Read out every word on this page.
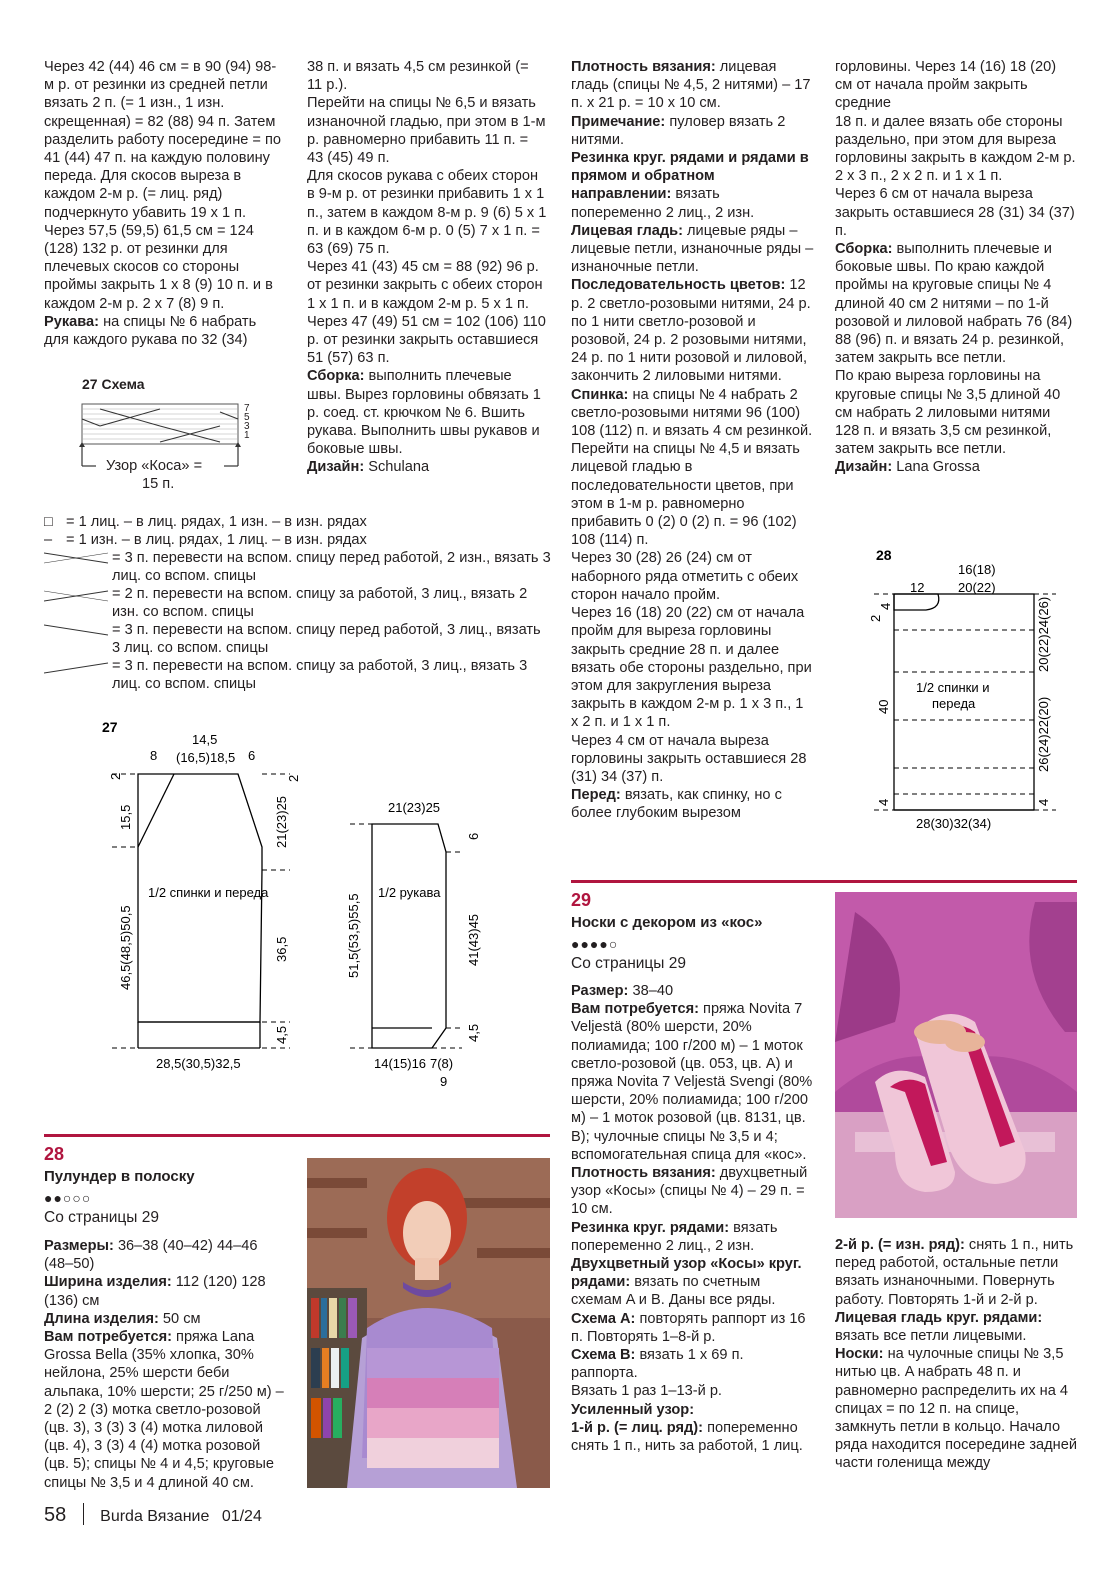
Через 42 (44) 46 см = в 90 (94) 98-м р. от резинки из средней петли вязать 2 п. (= 1 изн., 1 изн. скрещенная) = 82 (88) 94 п. Затем разделить работу посередине = по 41 (44) 47 п. на каждую половину переда. Для скосов выреза в каждом 2-м р. (= лиц. ряд) подчеркнуто убавить 19 х 1 п. Через 57,5 (59,5) 61,5 см = 124 (128) 132 р. от резинки для плечевых скосов со стороны проймы закрыть 1 х 8 (9) 10 п. и в каждом 2-м р. 2 х 7 (8) 9 п.

Рукава: на спицы № 6 набрать для каждого рукава по 32 (34)

38 п. и вязать 4,5 см резинкой (= 11 р.).

Перейти на спицы № 6,5 и вязать изнаночной гладью, при этом в 1-м р. равномерно прибавить 11 п. = 43 (45) 49 п.

Для скосов рукава с обеих сторон в 9-м р. от резинки прибавить 1 х 1 п., затем в каждом 8-м р. 9 (6) 5 х 1 п. и в каждом 6-м р. 0 (5) 7 х 1 п. = 63 (69) 75 п.

Через 41 (43) 45 см = 88 (92) 96 р. от резинки закрыть с обеих сторон 1 х 1 п. и в каждом 2-м р. 5 х 1 п.

Через 47 (49) 51 см = 102 (106) 110 р. от резинки закрыть оставшиеся 51 (57) 63 п.

Сборка: выполнить плечевые швы. Вырез горловины обвязать 1 р. соед. ст. крючком № 6. Вшить рукава. Выполнить швы рукавов и боковые швы.

Дизайн: Schulana

Плотность вязания: лицевая гладь (спицы № 4,5, 2 нитями) – 17 п. х 21 р. = 10 х 10 см.

Примечание: пуловер вязать 2 нитями.

Резинка круг. рядами и рядами в прямом и обратном направлении: вязать попеременно 2 лиц., 2 изн.

Лицевая гладь: лицевые ряды – лицевые петли, изнаночные ряды – изнаночные петли.

Последовательность цветов: 12 р. 2 светло-розовыми нитями, 24 р. по 1 нити светло-розовой и розовой, 24 р. 2 розовыми нитями, 24 р. по 1 нити розовой и лиловой, закончить 2 лиловыми нитями.

Спинка: на спицы № 4 набрать 2 светло-розовыми нитями 96 (100) 108 (112) п. и вязать 4 см резинкой.

Перейти на спицы № 4,5 и вязать лицевой гладью в последовательности цветов, при этом в 1-м р. равномерно прибавить 0 (2) 0 (2) п. = 96 (102) 108 (114) п.

Через 30 (28) 26 (24) см от наборного ряда отметить с обеих сторон начало пройм.

Через 16 (18) 20 (22) см от начала пройм для выреза горловины закрыть средние 28 п. и далее вязать обе стороны раздельно, при этом для закругления выреза закрыть в каждом 2-м р. 1 х 3 п., 1 х 2 п. и 1 х 1 п.

Через 4 см от начала выреза горловины закрыть оставшиеся 28 (31) 34 (37) п.

Перед: вязать, как спинку, но с более глубоким вырезом

горловины. Через 14 (16) 18 (20) см от начала пройм закрыть средние

18 п. и далее вязать обе стороны раздельно, при этом для выреза горловины закрыть в каждом 2-м р. 2 х 3 п., 2 х 2 п. и 1 х 1 п.

Через 6 см от начала выреза закрыть оставшиеся 28 (31) 34 (37) п.

Сборка: выполнить плечевые и боковые швы. По краю каждой проймы на круговые спицы № 4 длиной 40 см 2 нитями – по 1-й розовой и лиловой набрать 76 (84) 88 (96) п. и вязать 24 р. резинкой, затем закрыть все петли.

По краю выреза горловины на круговые спицы № 3,5 длиной 40 см набрать 2 лиловыми нитями 128 п. и вязать 3,5 см резинкой, затем закрыть все петли.

Дизайн: Lana Grossa

27 Схема
7
5
3
1
Узор «Коса» =
15 п.
□ = 1 лиц. – в лиц. рядах, 1 изн. – в изн. рядах
– = 1 изн. – в лиц. рядах, 1 лиц. – в изн. рядах
= 3 п. перевести на вспом. спицу перед работой, 2 изн., вязать 3 лиц. со вспом. спицы
= 2 п. перевести на вспом. спицу за работой, 3 лиц., вязать 2 изн. со вспом. спицы
= 3 п. перевести на вспом. спицу перед работой, 3 лиц., вязать 3 лиц. со вспом. спицы
= 3 п. перевести на вспом. спицу за работой, 3 лиц., вязать 3 лиц. со вспом. спицы
27
8
14,5
(16,5)18,5 6
1/2 спинки и переда
28,5(30,5)32,5
21(23)25
1/2 рукава
14(15)16 7(8)
9
2	2
15,5	21(23)25
46,5(48,5)50,5	36,5
4,5
6
51,5(53,5)55,5	41(43)45
4,5
28
16(18)
20(22)
12
1/2 спинки и
переда
28(30)32(34)
2
4	20(22)24(26)
40	26(24)22(20)
4	4
28
Пулундер в полоску
●●○○○
Со страницы 29

Размеры: 36–38 (40–42) 44–46 (48–50)

Ширина изделия: 112 (120) 128 (136) см

Длина изделия: 50 см

Вам потребуется: пряжа Lana Grossa Bella (35% хлопка, 30% нейлона, 25% шерсти беби альпака, 10% шерсти; 25 г/250 м) – 2 (2) 2 (3) мотка светло-розовой (цв. 3), 3 (3) 3 (4) мотка лиловой (цв. 4), 3 (3) 4 (4) мотка розовой (цв. 5); спицы № 4 и 4,5; круговые спицы № 3,5 и 4 длиной 40 см.

29
Носки с декором из «кос»
●●●●○
Со страницы 29

Размер: 38–40

Вам потребуется: пряжа Novita 7 Veljestä (80% шерсти, 20% полиамида; 100 г/200 м) – 1 моток светло-розовой (цв. 053, цв. A) и пряжа Novita 7 Veljestä Svengi (80% шерсти, 20% полиамида; 100 г/200 м) – 1 моток розовой (цв. 8131, цв. B); чулочные спицы № 3,5 и 4; вспомогательная спица для «кос».

Плотность вязания: двухцветный узор «Косы» (спицы № 4) – 29 п. = 10 см.

Резинка круг. рядами: вязать попеременно 2 лиц., 2 изн.

Двухцветный узор «Косы» круг. рядами: вязать по счетным схемам A и B. Даны все ряды.

Схема A: повторять раппорт из 16 п. Повторять 1–8-й р.

Схема B: вязать 1 х 69 п. раппорта.

Вязать 1 раз 1–13-й р.

Усиленный узор:

1-й р. (= лиц. ряд): попеременно снять 1 п., нить за работой, 1 лиц.

2-й р. (= изн. ряд): снять 1 п., нить перед работой, остальные петли вязать изнаночными. Повернуть работу. Повторять 1-й и 2-й р.

Лицевая гладь круг. рядами: вязать все петли лицевыми.

Носки: на чулочные спицы № 3,5 нитью цв. A набрать 48 п. и равномерно распределить их на 4 спицах = по 12 п. на спице, замкнуть петли в кольцо. Начало ряда находится посередине задней части голенища между

58 Burda Вязание 01/24
